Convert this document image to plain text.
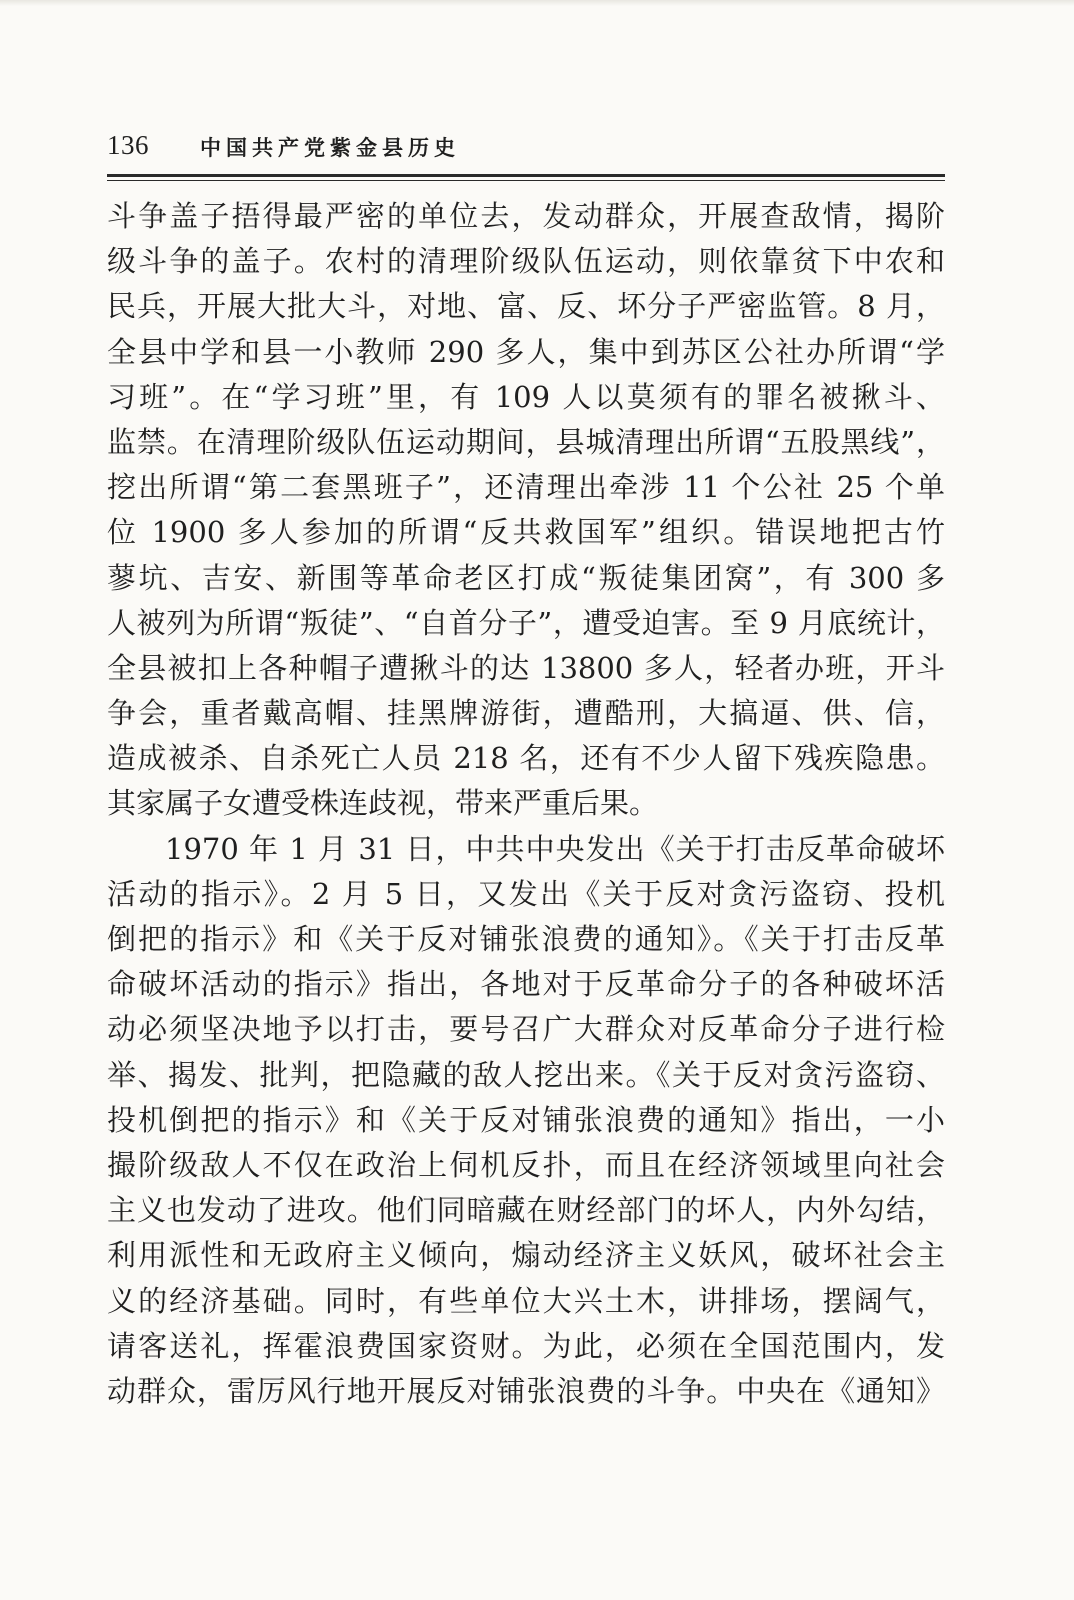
136 中国共产党紫金县历史
斗争盖子捂得最严密的单位去，发动群众，开展查敌情，揭阶
级斗争的盖子。农村的清理阶级队伍运动，则依靠贫下中农和
民兵，开展大批大斗，对地、富、反、坏分子严密监管。8 月，
全县中学和县一小教师 290 多人，集中到苏区公社办所谓“学
习班”。在“学习班”里，有 109 人以莫须有的罪名被揪斗、
监禁。在清理阶级队伍运动期间，县城清理出所谓“五股黑线”，
挖出所谓“第二套黑班子”，还清理出牵涉 11 个公社 25 个单
位 1900 多人参加的所谓“反共救国军”组织。错误地把古竹
蓼坑、吉安、新围等革命老区打成“叛徒集团窝”，有 300 多
人被列为所谓“叛徒”、“自首分子”，遭受迫害。至 9 月底统计，
全县被扣上各种帽子遭揪斗的达 13800 多人，轻者办班，开斗
争会，重者戴高帽、挂黑牌游街，遭酷刑，大搞逼、供、信，
造成被杀、自杀死亡人员 218 名，还有不少人留下残疾隐患。
其家属子女遭受株连歧视，带来严重后果。
1970 年 1 月 31 日，中共中央发出《关于打击反革命破坏
活动的指示》。2 月 5 日，又发出《关于反对贪污盗窃、投机
倒把的指示》和《关于反对铺张浪费的通知》。《关于打击反革
命破坏活动的指示》指出，各地对于反革命分子的各种破坏活
动必须坚决地予以打击，要号召广大群众对反革命分子进行检
举、揭发、批判，把隐藏的敌人挖出来。《关于反对贪污盗窃、
投机倒把的指示》和《关于反对铺张浪费的通知》指出，一小
撮阶级敌人不仅在政治上伺机反扑，而且在经济领域里向社会
主义也发动了进攻。他们同暗藏在财经部门的坏人，内外勾结，
利用派性和无政府主义倾向，煽动经济主义妖风，破坏社会主
义的经济基础。同时，有些单位大兴土木，讲排场，摆阔气，
请客送礼，挥霍浪费国家资财。为此，必须在全国范围内，发
动群众，雷厉风行地开展反对铺张浪费的斗争。中央在《通知》
